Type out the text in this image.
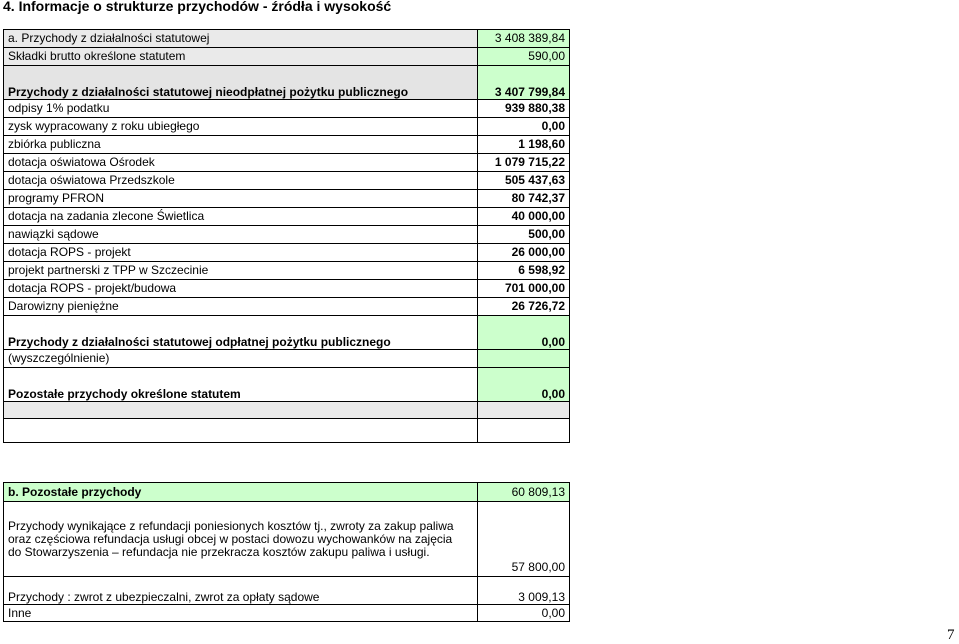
4. Informacje o strukturze przychodów - źródła i wysokość
a. Przychody z działalności statutowej	3 408 389,84
Składki brutto określone statutem	590,00
Przychody z działalności statutowej nieodpłatnej pożytku publicznego	3 407 799,84
odpisy 1% podatku	939 880,38
zysk wypracowany z roku ubiegłego	0,00
zbiórka publiczna	1 198,60
dotacja oświatowa Ośrodek	1 079 715,22
dotacja oświatowa Przedszkole	505 437,63
programy PFRON	80 742,37
dotacja na zadania zlecone Świetlica	40 000,00
nawiązki sądowe	500,00
dotacja ROPS - projekt	26 000,00
projekt partnerski z TPP w Szczecinie	6 598,92
dotacja ROPS - projekt/budowa	701 000,00
Darowizny pieniężne	26 726,72
Przychody z działalności statutowej odpłatnej pożytku publicznego	0,00
(wyszczególnienie)	
Pozostałe przychody określone statutem	0,00

b. Pozostałe przychody	60 809,13

Przychody wynikające z refundacji poniesionych kosztów tj., zwroty za zakup paliwa
oraz częściowa refundacja usługi obcej w postaci dowozu wychowanków na zajęcia
do Stowarzyszenia – refundacja nie przekracza kosztów zakupu paliwa i usługi.	57 800,00
Przychody : zwrot z ubezpieczalni, zwrot za opłaty sądowe	3 009,13
Inne	0,00
7
